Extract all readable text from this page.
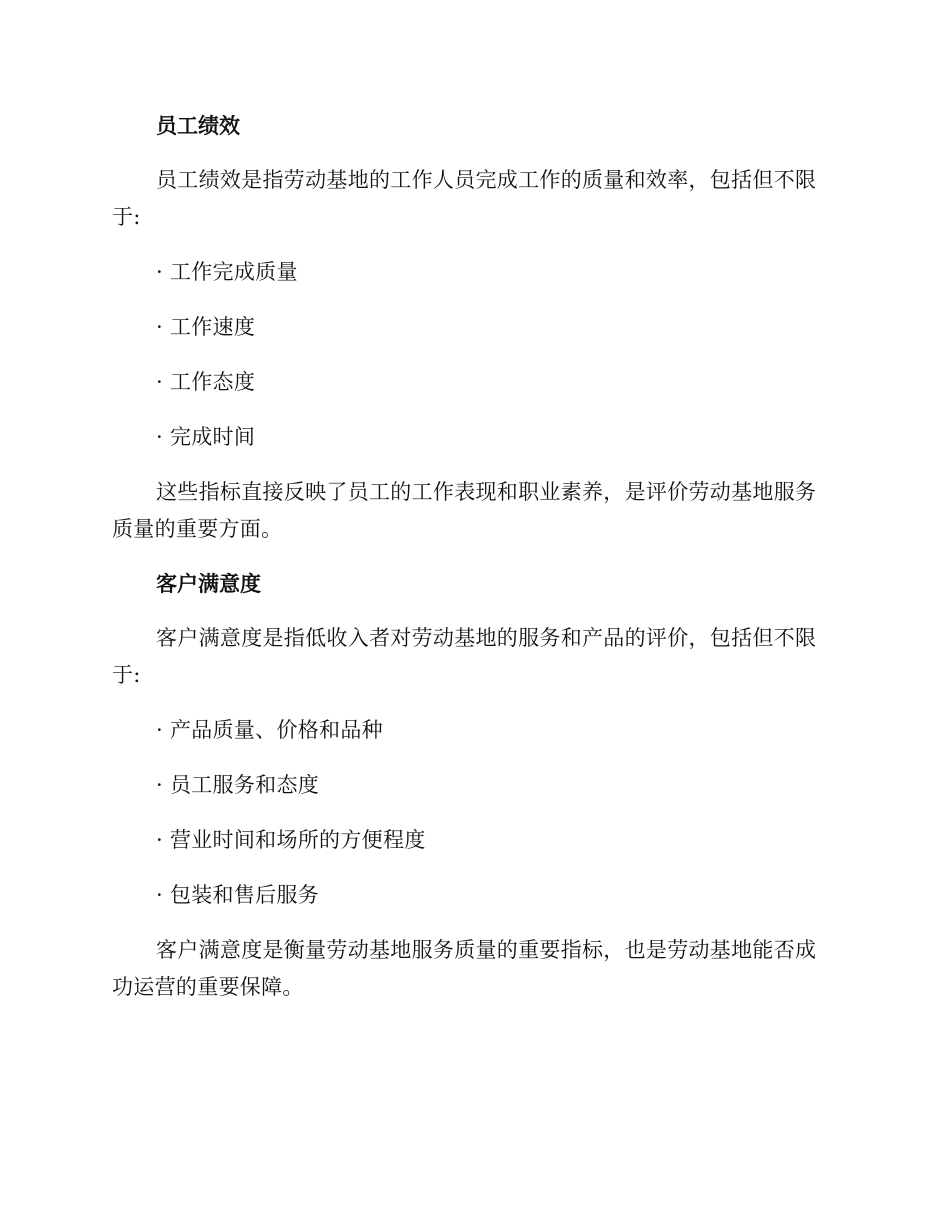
员工绩效

员工绩效是指劳动基地的工作人员完成工作的质量和效率，包括但不限于:

· 工作完成质量
· 工作速度
· 工作态度
· 完成时间

这些指标直接反映了员工的工作表现和职业素养，是评价劳动基地服务质量的重要方面。

客户满意度

客户满意度是指低收入者对劳动基地的服务和产品的评价，包括但不限于:

· 产品质量、价格和品种
· 员工服务和态度
· 营业时间和场所的方便程度
· 包装和售后服务

客户满意度是衡量劳动基地服务质量的重要指标，也是劳动基地能否成功运营的重要保障。
